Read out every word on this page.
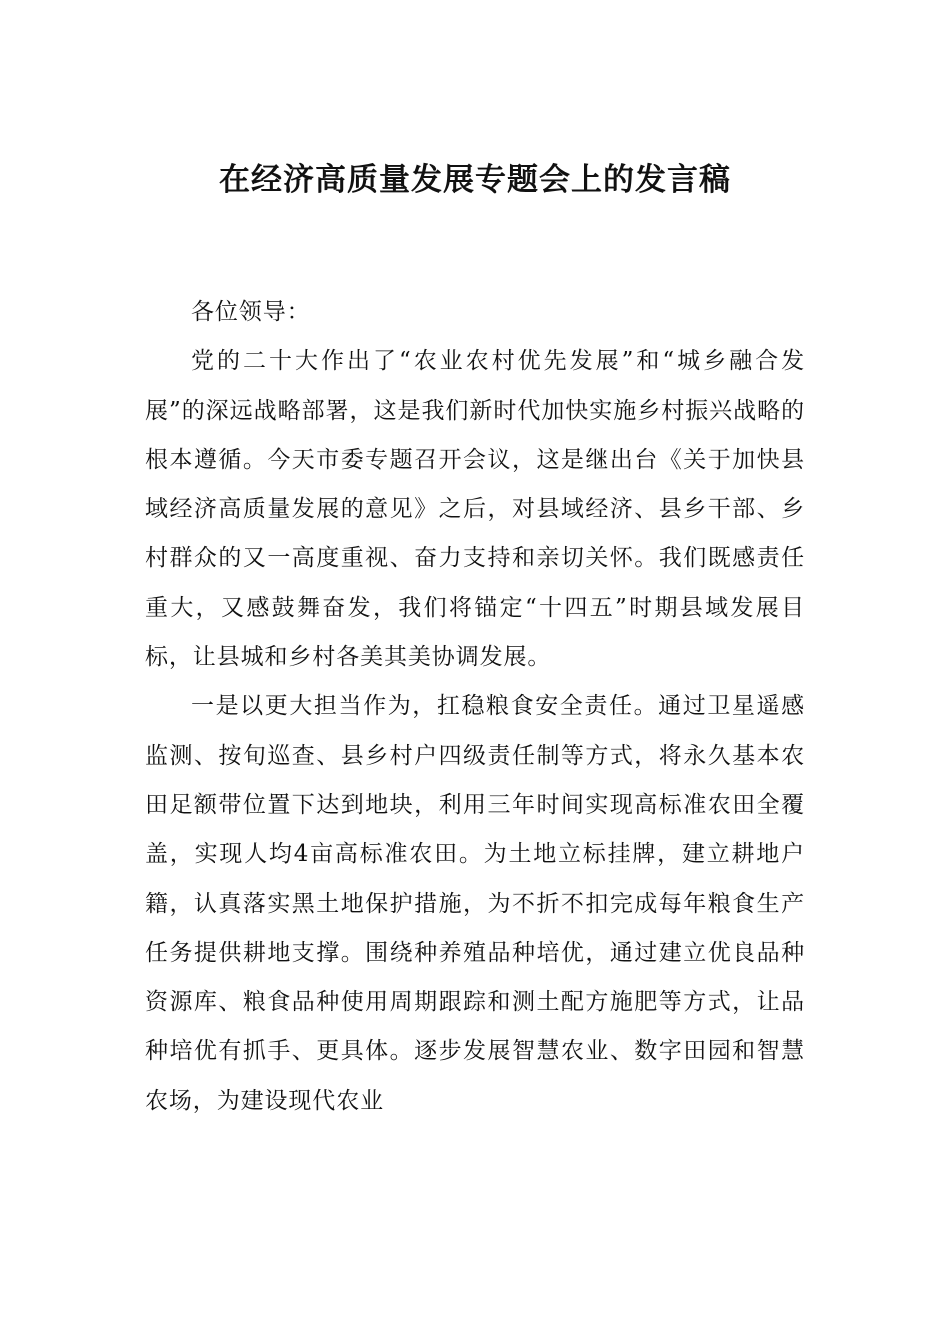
在经济高质量发展专题会上的发言稿

各位领导：

党的二十大作出了“农业农村优先发展”和“城乡融合发展”的深远战略部署，这是我们新时代加快实施乡村振兴战略的根本遵循。今天市委专题召开会议，这是继出台《关于加快县域经济高质量发展的意见》之后，对县域经济、县乡干部、乡村群众的又一高度重视、奋力支持和亲切关怀。我们既感责任重大，又感鼓舞奋发，我们将锚定“十四五”时期县域发展目标，让县城和乡村各美其美协调发展。

一是以更大担当作为，扛稳粮食安全责任。通过卫星遥感监测、按旬巡查、县乡村户四级责任制等方式，将永久基本农田足额带位置下达到地块，利用三年时间实现高标准农田全覆盖，实现人均4亩高标准农田。为土地立标挂牌，建立耕地户籍，认真落实黑土地保护措施，为不折不扣完成每年粮食生产任务提供耕地支撑。围绕种养殖品种培优，通过建立优良品种资源库、粮食品种使用周期跟踪和测土配方施肥等方式，让品种培优有抓手、更具体。逐步发展智慧农业、数字田园和智慧农场，为建设现代农业
